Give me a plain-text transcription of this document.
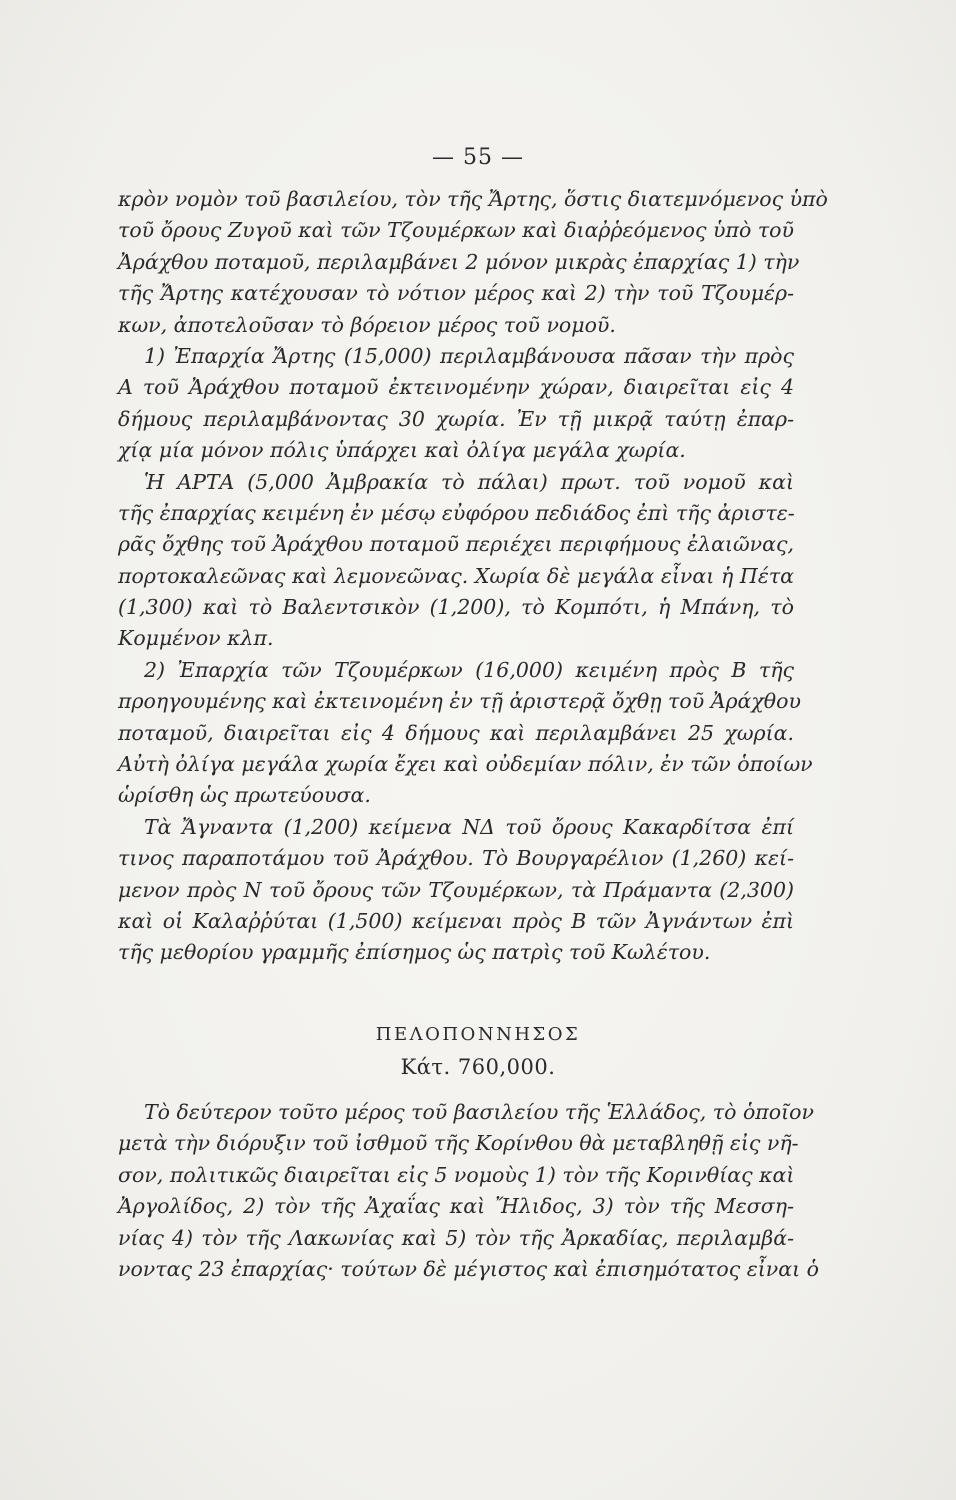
— 55 —
κρὸν νομὸν τοῦ βασιλείου, τὸν τῆς Ἄρτης, ὅστις διατεμνόμενος ὑπὸ
τοῦ ὄρους Ζυγοῦ καὶ τῶν Τζουμέρκων καὶ διαῤῥεόμενος ὑπὸ τοῦ
Ἀράχθου ποταμοῦ, περιλαμβάνει 2 μόνον μικρὰς ἐπαρχίας 1) τὴν
τῆς Ἄρτης κατέχουσαν τὸ νότιον μέρος καὶ 2) τὴν τοῦ Τζουμέρ-
κων, ἀποτελοῦσαν τὸ βόρειον μέρος τοῦ νομοῦ.
1) Ἐπαρχία Ἄρτης (15,000) περιλαμβάνουσα πᾶσαν τὴν πρὸς
Α τοῦ Ἀράχθου ποταμοῦ ἐκτεινομένην χώραν, διαιρεῖται εἰς 4
δήμους περιλαμβάνοντας 30 χωρία. Ἐν τῇ μικρᾷ ταύτῃ ἐπαρ-
χίᾳ μία μόνον πόλις ὑπάρχει καὶ ὀλίγα μεγάλα χωρία.
Ἡ ΑΡΤΑ (5,000 Ἀμβρακία τὸ πάλαι) πρωτ. τοῦ νομοῦ καὶ
τῆς ἐπαρχίας κειμένη ἐν μέσῳ εὐφόρου πεδιάδος ἐπὶ τῆς ἀριστε-
ρᾶς ὄχθης τοῦ Ἀράχθου ποταμοῦ περιέχει περιφήμους ἐλαιῶνας,
πορτοκαλεῶνας καὶ λεμονεῶνας. Χωρία δὲ μεγάλα εἶναι ἡ Πέτα
(1,300) καὶ τὸ Βαλεντσικὸν (1,200), τὸ Κομπότι, ἡ Μπάνη, τὸ
Κομμένον κλπ.
2) Ἐπαρχία τῶν Τζουμέρκων (16,000) κειμένη πρὸς Β τῆς
προηγουμένης καὶ ἐκτεινομένη ἐν τῇ ἀριστερᾷ ὄχθῃ τοῦ Ἀράχθου
ποταμοῦ, διαιρεῖται εἰς 4 δήμους καὶ περιλαμβάνει 25 χωρία.
Αὐτὴ ὀλίγα μεγάλα χωρία ἔχει καὶ οὐδεμίαν πόλιν, ἐν τῶν ὁποίων
ὡρίσθη ὡς πρωτεύουσα.
Τὰ Ἄγναντα (1,200) κείμενα ΝΔ τοῦ ὄρους Κακαρδίτσα ἐπί
τινος παραποτάμου τοῦ Ἀράχθου. Τὸ Βουργαρέλιον (1,260) κεί-
μενον πρὸς Ν τοῦ ὄρους τῶν Τζουμέρκων, τὰ Πράμαντα (2,300)
καὶ οἱ Καλαῤῥύται (1,500) κείμεναι πρὸς Β τῶν Ἀγνάντων ἐπὶ
τῆς μεθορίου γραμμῆς ἐπίσημος ὡς πατρὶς τοῦ Κωλέτου.
ΠΕΛΟΠΟΝΝΗΣΟΣ
Κάτ. 760,000.
Τὸ δεύτερον τοῦτο μέρος τοῦ βασιλείου τῆς Ἑλλάδος, τὸ ὁποῖον
μετὰ τὴν διόρυξιν τοῦ ἰσθμοῦ τῆς Κορίνθου θὰ μεταβληθῇ εἰς νῆ-
σον, πολιτικῶς διαιρεῖται εἰς 5 νομοὺς 1) τὸν τῆς Κορινθίας καὶ
Ἀργολίδος, 2) τὸν τῆς Ἀχαΐας καὶ Ἤλιδος, 3) τὸν τῆς Μεσση-
νίας 4) τὸν τῆς Λακωνίας καὶ 5) τὸν τῆς Ἀρκαδίας, περιλαμβά-
νοντας 23 ἐπαρχίας· τούτων δὲ μέγιστος καὶ ἐπισημότατος εἶναι ὁ
